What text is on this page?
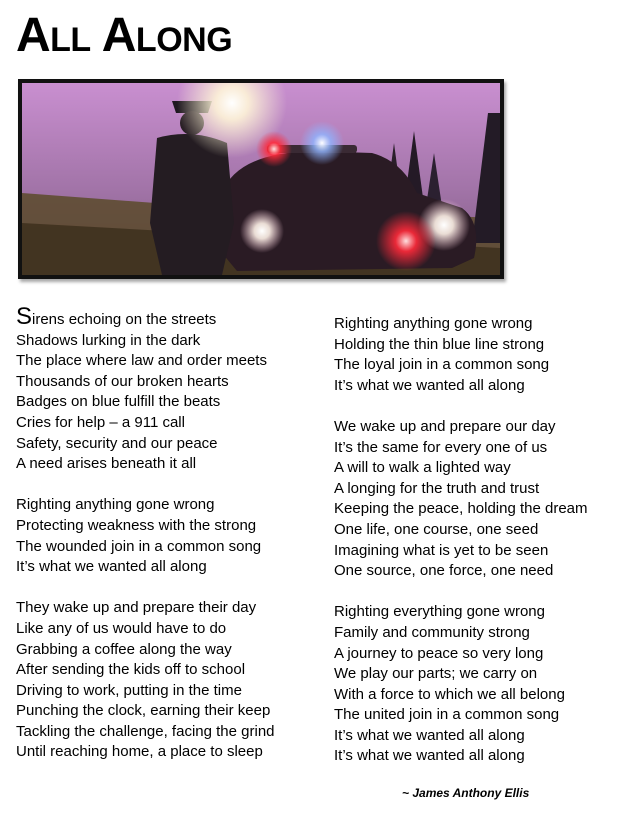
All Along
Sirens echoing on the streets
Shadows lurking in the dark
The place where law and order meets
Thousands of our broken hearts
Badges on blue fulfill the beats
Cries for help – a 911 call
Safety, security and our peace
A need arises beneath it all
Righting anything gone wrong
Protecting weakness with the strong
The wounded join in a common song
It’s what we wanted all along
They wake up and prepare their day
Like any of us would have to do
Grabbing a coffee along the way
After sending the kids off to school
Driving to work, putting in the time
Punching the clock, earning their keep
Tackling the challenge, facing the grind
Until reaching home, a place to sleep
Righting anything gone wrong
Holding the thin blue line strong
The loyal join in a common song
It’s what we wanted all along
We wake up and prepare our day
It’s the same for every one of us
A will to walk a lighted way
A longing for the truth and trust
Keeping the peace, holding the dream
One life, one course, one seed
Imagining what is yet to be seen
One source, one force, one need
Righting everything gone wrong
Family and community strong
A journey to peace so very long
We play our parts; we carry on
With a force to which we all belong
The united join in a common song
It’s what we wanted all along
It’s what we wanted all along
~ James Anthony Ellis
